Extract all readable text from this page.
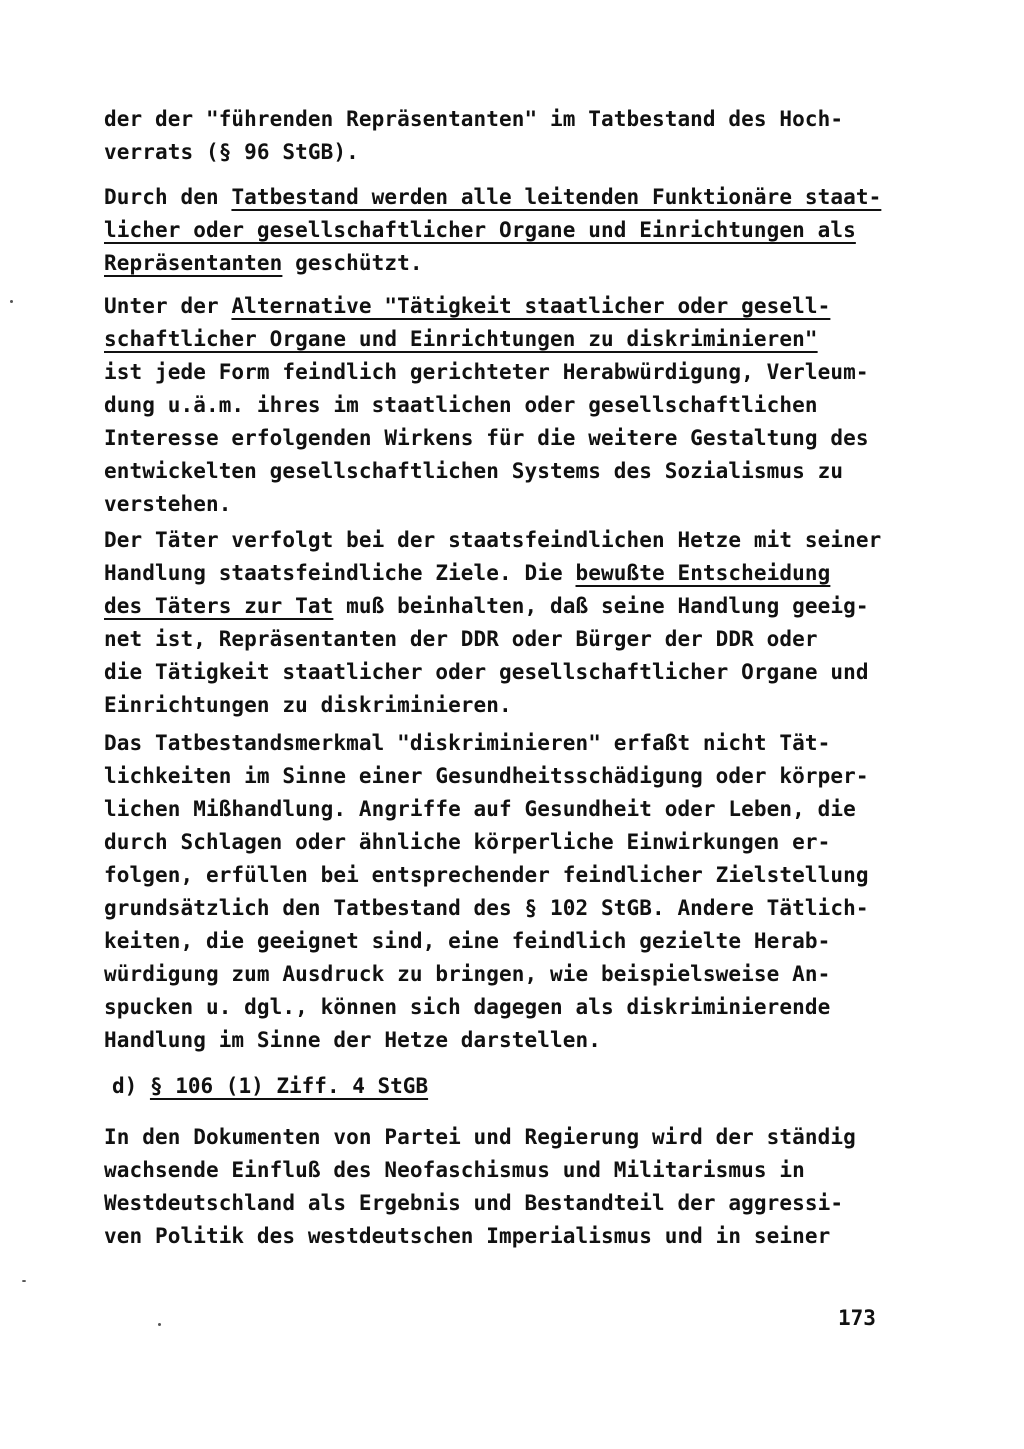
der der "führenden Repräsentanten" im Tatbestand des Hoch-
verrats (§ 96 StGB).
Durch den Tatbestand werden alle leitenden Funktionäre staat-
licher oder gesellschaftlicher Organe und Einrichtungen als
Repräsentanten geschützt.
Unter der Alternative "Tätigkeit staatlicher oder gesell-
schaftlicher Organe und Einrichtungen zu diskriminieren"
ist jede Form feindlich gerichteter Herabwürdigung, Verleum-
dung u.ä.m. ihres im staatlichen oder gesellschaftlichen
Interesse erfolgenden Wirkens für die weitere Gestaltung des
entwickelten gesellschaftlichen Systems des Sozialismus zu
verstehen.
Der Täter verfolgt bei der staatsfeindlichen Hetze mit seiner
Handlung staatsfeindliche Ziele. Die bewußte Entscheidung
des Täters zur Tat muß beinhalten, daß seine Handlung geeig-
net ist, Repräsentanten der DDR oder Bürger der DDR oder
die Tätigkeit staatlicher oder gesellschaftlicher Organe und
Einrichtungen zu diskriminieren.
Das Tatbestandsmerkmal "diskriminieren" erfaßt nicht Tät-
lichkeiten im Sinne einer Gesundheitsschädigung oder körper-
lichen Mißhandlung. Angriffe auf Gesundheit oder Leben, die
durch Schlagen oder ähnliche körperliche Einwirkungen er-
folgen, erfüllen bei entsprechender feindlicher Zielstellung
grundsätzlich den Tatbestand des § 102 StGB. Andere Tätlich-
keiten, die geeignet sind, eine feindlich gezielte Herab-
würdigung zum Ausdruck zu bringen, wie beispielsweise An-
spucken u. dgl., können sich dagegen als diskriminierende
Handlung im Sinne der Hetze darstellen.
d) § 106 (1) Ziff. 4 StGB
In den Dokumenten von Partei und Regierung wird der ständig
wachsende Einfluß des Neofaschismus und Militarismus in
Westdeutschland als Ergebnis und Bestandteil der aggressi-
ven Politik des westdeutschen Imperialismus und in seiner
173
